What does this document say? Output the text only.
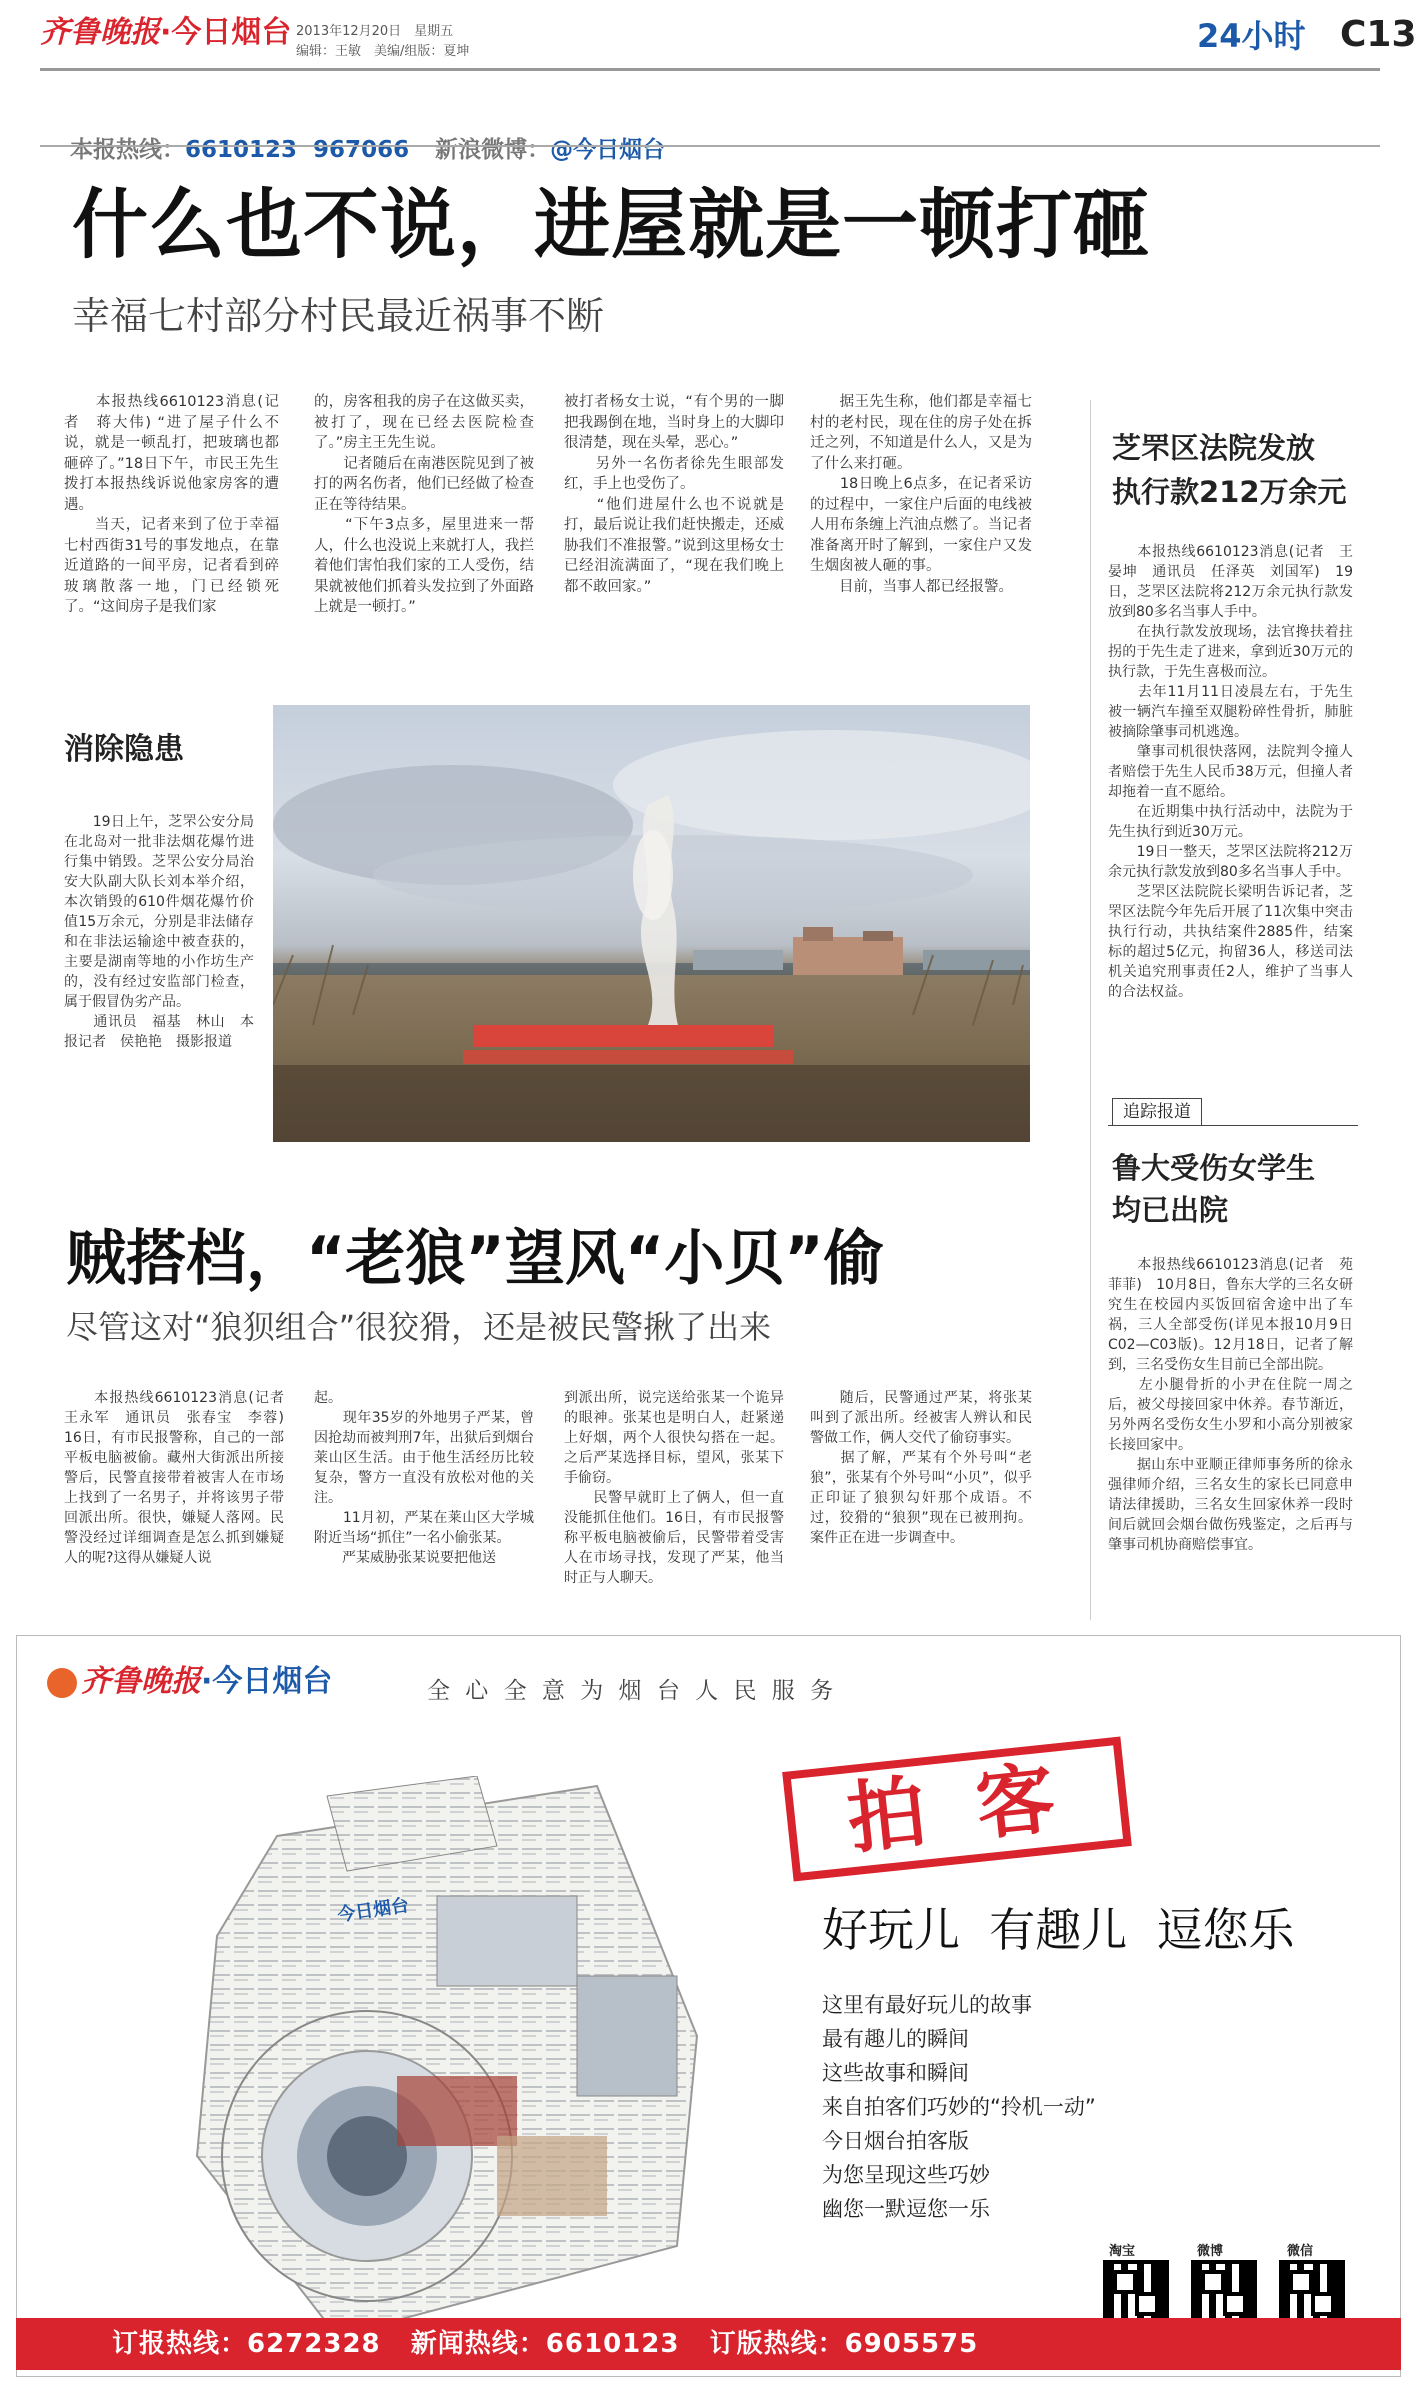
齐鲁晚报·今日烟台 2013年12月20日　星期五
编辑：王敏　美编/组版：夏坤	24小时 C13

本报热线：6610123  967066 新浪微博：@今日烟台

什么也不说，进屋就是一顿打砸
幸福七村部分村民最近祸事不断
　　本报热线6610123消息(记者　蒋大伟) “进了屋子什么不说，就是一顿乱打，把玻璃也都砸碎了。”18日下午，市民王先生拨打本报热线诉说他家房客的遭遇。
　　当天，记者来到了位于幸福七村西街31号的事发地点，在靠近道路的一间平房，记者看到碎玻璃散落一地，门已经锁死了。“这间房子是我们家
的，房客租我的房子在这做买卖，被打了，现在已经去医院检查了。”房主王先生说。
　　记者随后在南港医院见到了被打的两名伤者，他们已经做了检查正在等待结果。
　　“下午3点多，屋里进来一帮人，什么也没说上来就打人，我拦着他们害怕我们家的工人受伤，结果就被他们抓着头发拉到了外面路上就是一顿打。”
被打者杨女士说，“有个男的一脚把我踢倒在地，当时身上的大脚印很清楚，现在头晕，恶心。”
　　另外一名伤者徐先生眼部发红，手上也受伤了。
　　“他们进屋什么也不说就是打，最后说让我们赶快搬走，还威胁我们不准报警。”说到这里杨女士已经泪流满面了，“现在我们晚上都不敢回家。”
　　据王先生称，他们都是幸福七村的老村民，现在住的房子处在拆迁之列，不知道是什么人，又是为了什么来打砸。
　　18日晚上6点多，在记者采访的过程中，一家住户后面的电线被人用布条缠上汽油点燃了。当记者准备离开时了解到，一家住户又发生烟囱被人砸的事。
　　目前，当事人都已经报警。
消除隐患
　　19日上午，芝罘公安分局在北岛对一批非法烟花爆竹进行集中销毁。芝罘公安分局治安大队副大队长刘本举介绍，本次销毁的610件烟花爆竹价值15万余元，分别是非法储存和在非法运输途中被查获的，主要是湖南等地的小作坊生产的，没有经过安监部门检查，属于假冒伪劣产品。
　　通讯员　福基　林山　本报记者　侯艳艳　摄影报道
芝罘区法院发放
执行款212万余元
　　本报热线6610123消息(记者　王晏坤　通讯员　任泽英　刘国军)　19日，芝罘区法院将212万余元执行款发放到80多名当事人手中。
　　在执行款发放现场，法官搀扶着拄拐的于先生走了进来，拿到近30万元的执行款，于先生喜极而泣。
　　去年11月11日凌晨左右，于先生被一辆汽车撞至双腿粉碎性骨折，肺脏被摘除肇事司机逃逸。
　　肇事司机很快落网，法院判令撞人者赔偿于先生人民币38万元，但撞人者却拖着一直不愿给。
　　在近期集中执行活动中，法院为于先生执行到近30万元。
　　19日一整天，芝罘区法院将212万余元执行款发放到80多名当事人手中。
　　芝罘区法院院长梁明告诉记者，芝罘区法院今年先后开展了11次集中突击执行行动，共执结案件2885件，结案标的超过5亿元，拘留36人，移送司法机关追究刑事责任2人，维护了当事人的合法权益。
追踪报道
鲁大受伤女学生
均已出院
　　本报热线6610123消息(记者　苑菲菲)　10月8日，鲁东大学的三名女研究生在校园内买饭回宿舍途中出了车祸，三人全部受伤(详见本报10月9日C02—C03版)。12月18日，记者了解到，三名受伤女生目前已全部出院。
　　左小腿骨折的小尹在住院一周之后，被父母接回家中休养。春节渐近，另外两名受伤女生小罗和小高分别被家长接回家中。
　　据山东中亚顺正律师事务所的徐永强律师介绍，三名女生的家长已同意申请法律援助，三名女生回家休养一段时间后就回会烟台做伤残鉴定，之后再与肇事司机协商赔偿事宜。
贼搭档，“老狼”望风“小贝”偷
尽管这对“狼狈组合”很狡猾，还是被民警揪了出来
　　本报热线6610123消息(记者　王永军　通讯员　张春宝　李蓉)　16日，有市民报警称，自己的一部平板电脑被偷。藏州大街派出所接警后，民警直接带着被害人在市场上找到了一名男子，并将该男子带回派出所。很快，嫌疑人落网。民警没经过详细调查是怎么抓到嫌疑人的呢?这得从嫌疑人说
起。
　　现年35岁的外地男子严某，曾因抢劫而被判刑7年，出狱后到烟台莱山区生活。由于他生活经历比较复杂，警方一直没有放松对他的关注。
　　11月初，严某在莱山区大学城附近当场“抓住”一名小偷张某。
　　严某威胁张某说要把他送
到派出所，说完送给张某一个诡异的眼神。张某也是明白人，赶紧递上好烟，两个人很快勾搭在一起。之后严某选择目标，望风，张某下手偷窃。
　　民警早就盯上了俩人，但一直没能抓住他们。16日，有市民报警称平板电脑被偷后，民警带着受害人在市场寻找，发现了严某，他当时正与人聊天。
　　随后，民警通过严某，将张某叫到了派出所。经被害人辨认和民警做工作，俩人交代了偷窃事实。
　　据了解，严某有个外号叫“老狼”，张某有个外号叫“小贝”，似乎正印证了狼狈勾奸那个成语。不过，狡猾的“狼狈”现在已被刑拘。案件正在进一步调查中。
齐鲁晚报·今日烟台	全 心 全 意 为 烟 台 人 民 服 务
今日烟台
拍 客
好玩儿  有趣儿  逗您乐
这里有最好玩儿的故事
最有趣儿的瞬间
这些故事和瞬间
来自拍客们巧妙的“拎机一动”
今日烟台拍客版
为您呈现这些巧妙
幽您一默逗您一乐
淘宝	微博	微信
订报热线：6272328   新闻热线：6610123   订版热线：6905575
